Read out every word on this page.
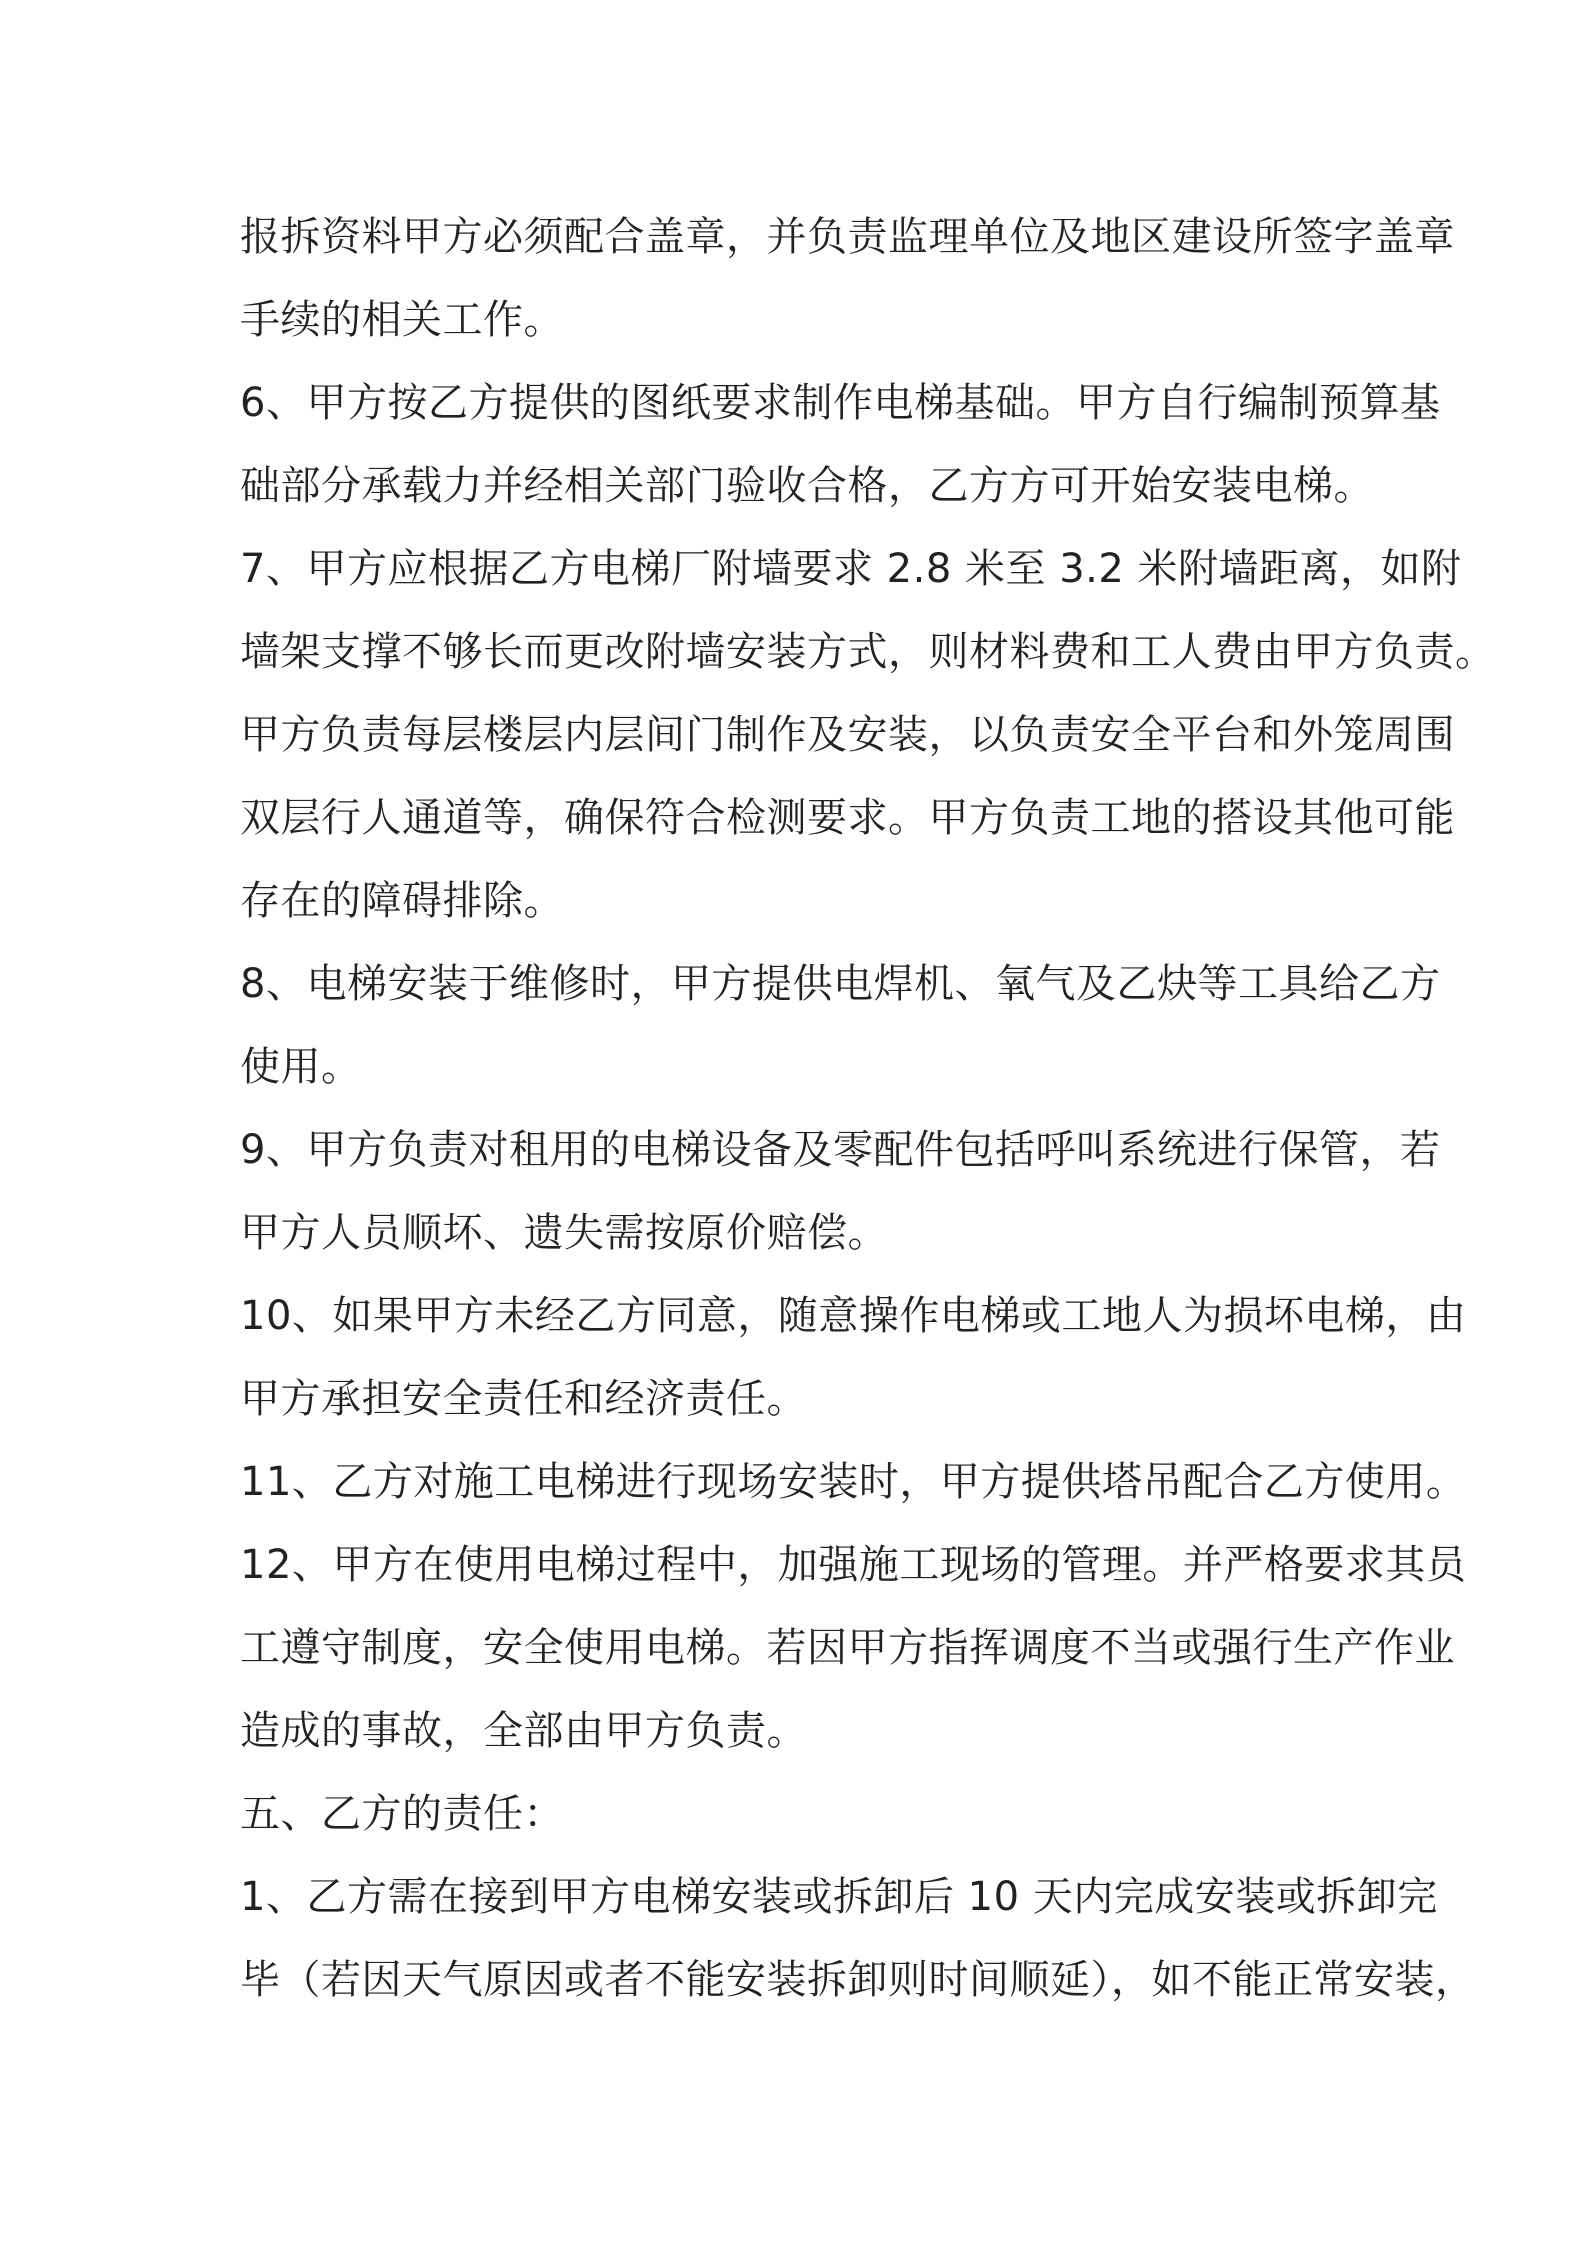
报拆资料甲方必须配合盖章，并负责监理单位及地区建设所签字盖章

手续的相关工作。

6、甲方按乙方提供的图纸要求制作电梯基础。甲方自行编制预算基

础部分承载力并经相关部门验收合格，乙方方可开始安装电梯。

7、甲方应根据乙方电梯厂附墙要求 2.8 米至 3.2 米附墙距离，如附

墙架支撑不够长而更改附墙安装方式，则材料费和工人费由甲方负责。

甲方负责每层楼层内层间门制作及安装，以负责安全平台和外笼周围

双层行人通道等，确保符合检测要求。甲方负责工地的搭设其他可能

存在的障碍排除。

8、电梯安装于维修时，甲方提供电焊机、氧气及乙炔等工具给乙方

使用。

9、甲方负责对租用的电梯设备及零配件包括呼叫系统进行保管，若

甲方人员顺坏、遗失需按原价赔偿。

10、如果甲方未经乙方同意，随意操作电梯或工地人为损坏电梯，由

甲方承担安全责任和经济责任。

11、乙方对施工电梯进行现场安装时，甲方提供塔吊配合乙方使用。

12、甲方在使用电梯过程中，加强施工现场的管理。并严格要求其员

工遵守制度，安全使用电梯。若因甲方指挥调度不当或强行生产作业

造成的事故，全部由甲方负责。

五、乙方的责任：

1、乙方需在接到甲方电梯安装或拆卸后 10 天内完成安装或拆卸完

毕（若因天气原因或者不能安装拆卸则时间顺延），如不能正常安装，
